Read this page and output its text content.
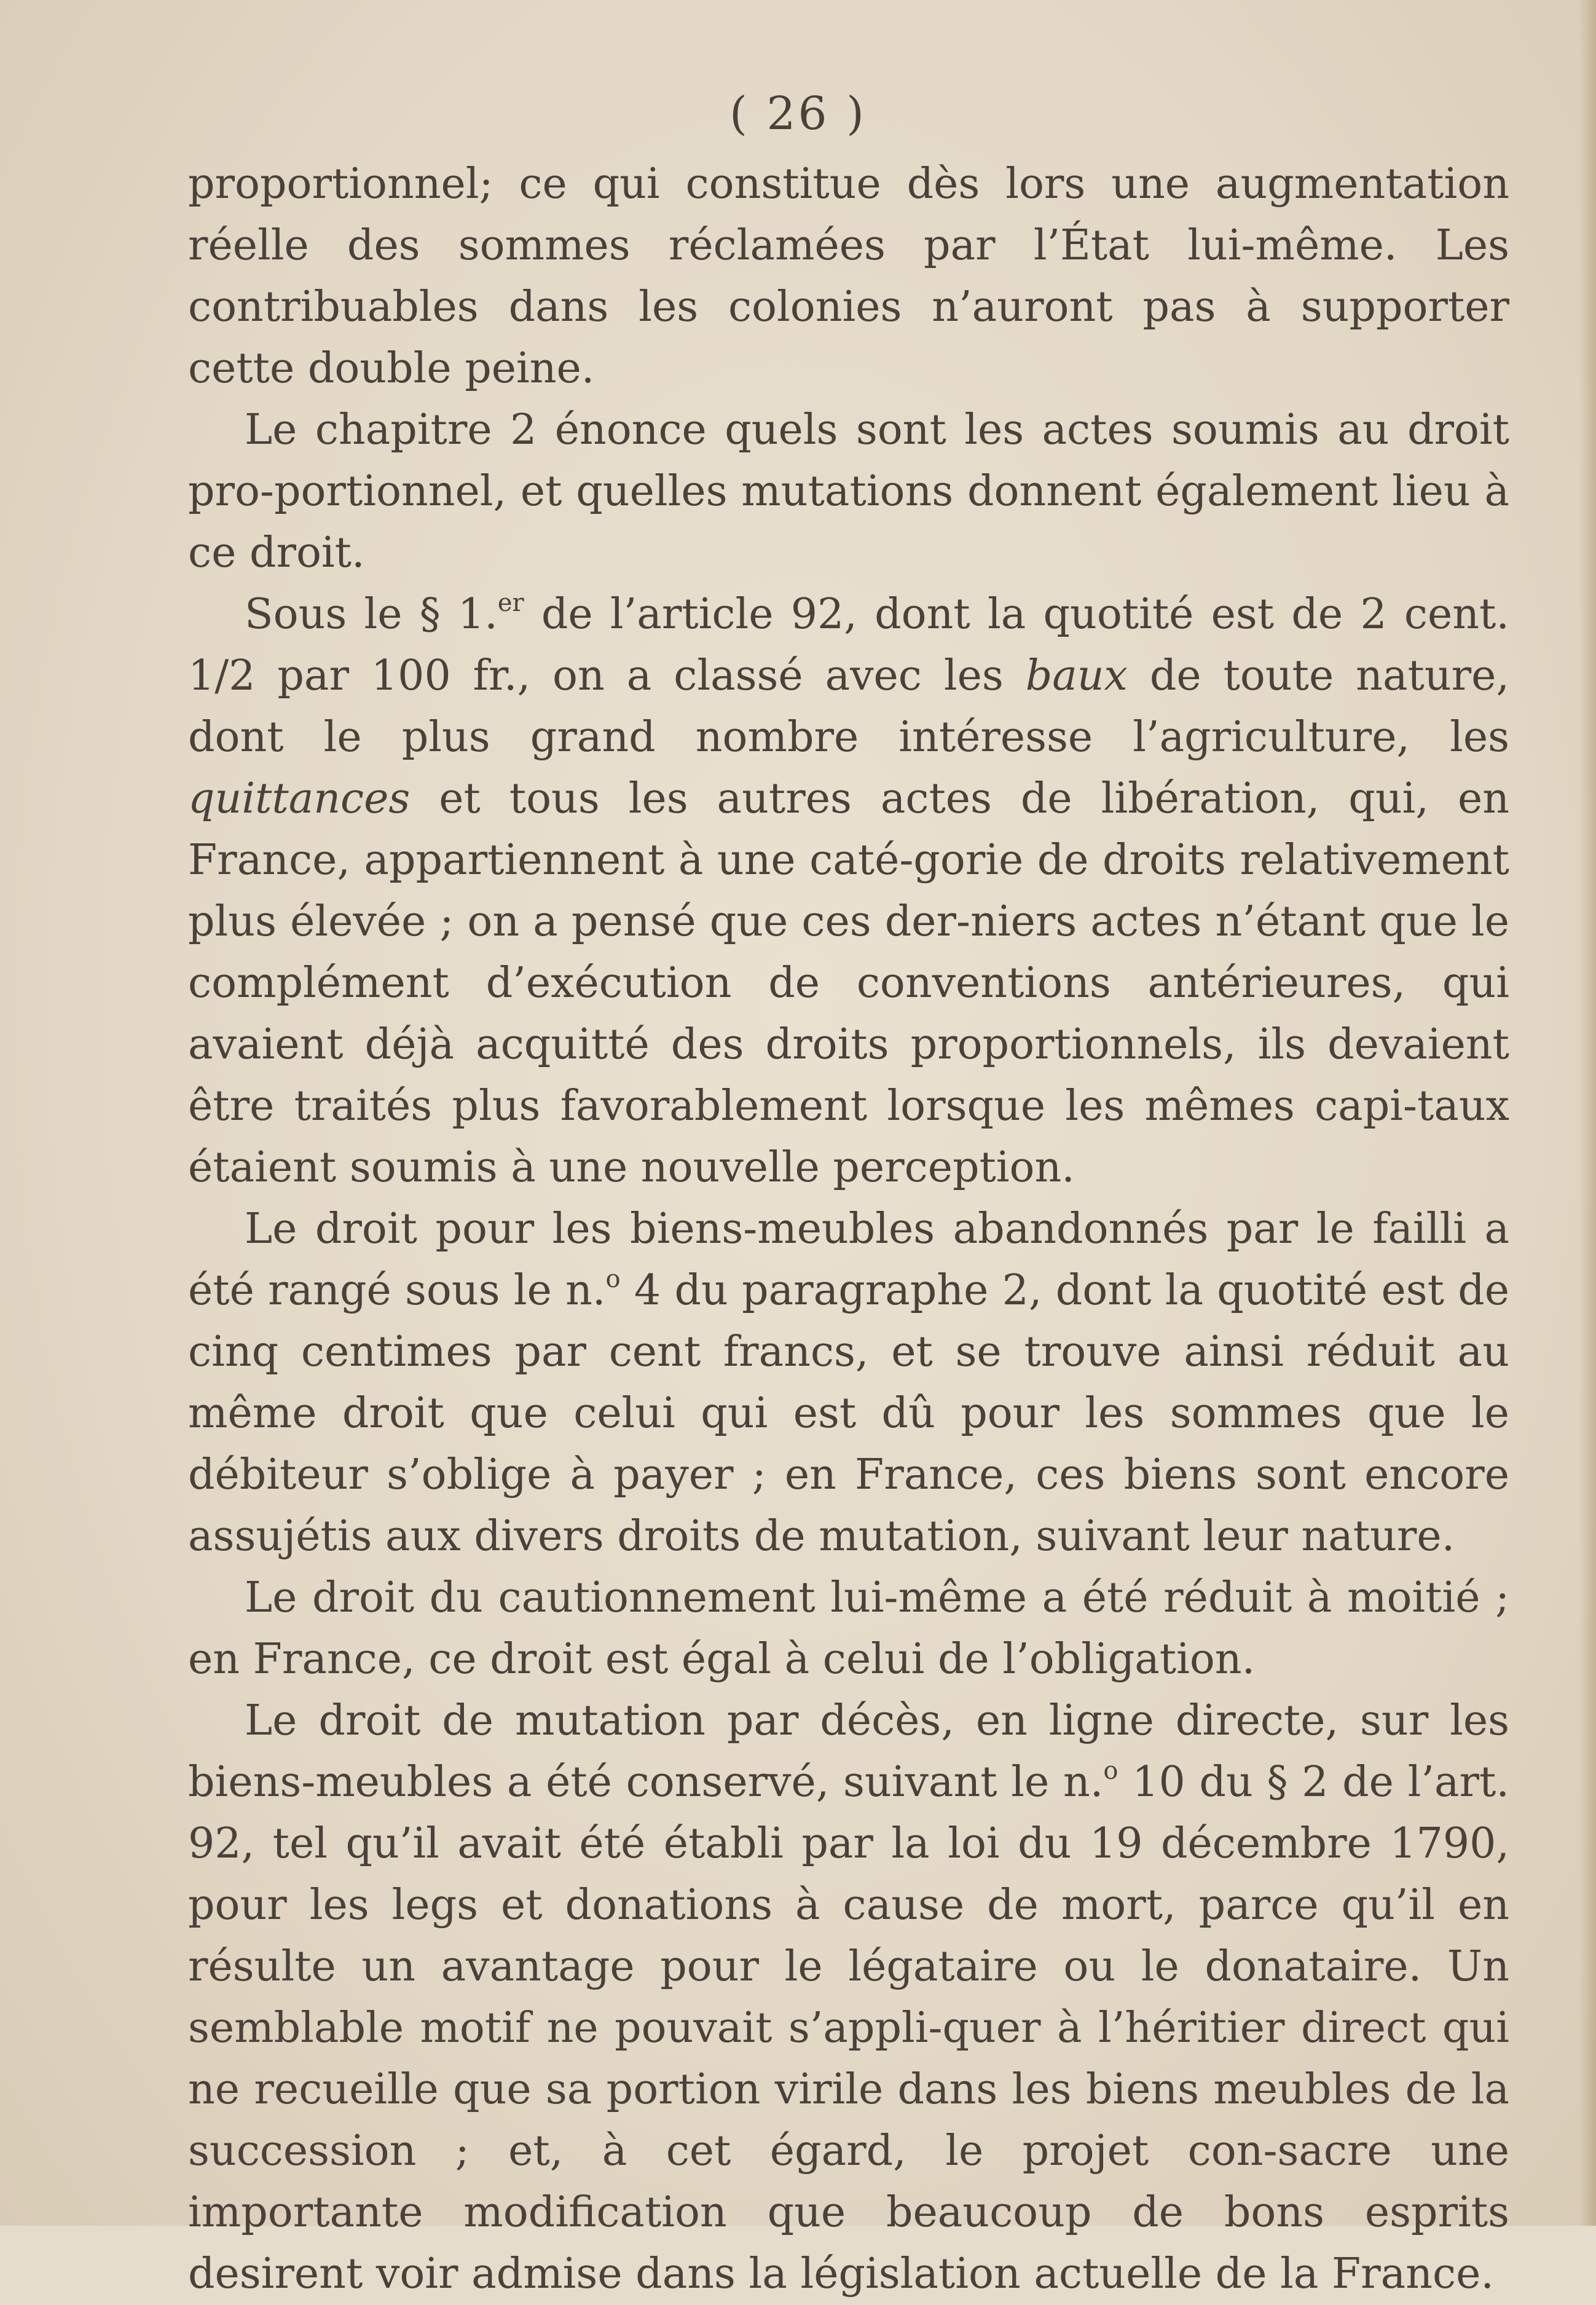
( 26 )

proportionnel; ce qui constitue dès lors une augmentation réelle des sommes réclamées par l’État lui-même. Les contribuables dans les colonies n’auront pas à supporter cette double peine.

Le chapitre 2 énonce quels sont les actes soumis au droit pro-portionnel, et quelles mutations donnent également lieu à ce droit.

Sous le § 1.$^{er}$ de l’article 92, dont la quotité est de 2 cent. 1/2 par 100 fr., on a classé avec les baux de toute nature, dont le plus grand nombre intéresse l’agriculture, les quittances et tous les autres actes de libération, qui, en France, appartiennent à une caté-gorie de droits relativement plus élevée ; on a pensé que ces der-niers actes n’étant que le complément d’exécution de conventions antérieures, qui avaient déjà acquitté des droits proportionnels, ils devaient être traités plus favorablement lorsque les mêmes capi-taux étaient soumis à une nouvelle perception.

Le droit pour les biens-meubles abandonnés par le failli a été rangé sous le n.$^o$ 4 du paragraphe 2, dont la quotité est de cinq centimes par cent francs, et se trouve ainsi réduit au même droit que celui qui est dû pour les sommes que le débiteur s’oblige à payer ; en France, ces biens sont encore assujétis aux divers droits de mutation, suivant leur nature.

Le droit du cautionnement lui-même a été réduit à moitié ; en France, ce droit est égal à celui de l’obligation.

Le droit de mutation par décès, en ligne directe, sur les biens-meubles a été conservé, suivant le n.$^o$ 10 du § 2 de l’art. 92, tel qu’il avait été établi par la loi du 19 décembre 1790, pour les legs et donations à cause de mort, parce qu’il en résulte un avantage pour le légataire ou le donataire. Un semblable motif ne pouvait s’appli-quer à l’héritier direct qui ne recueille que sa portion virile dans les biens meubles de la succession ; et, à cet égard, le projet con-sacre une importante modification que beaucoup de bons esprits desirent voir admise dans la législation actuelle de la France.
